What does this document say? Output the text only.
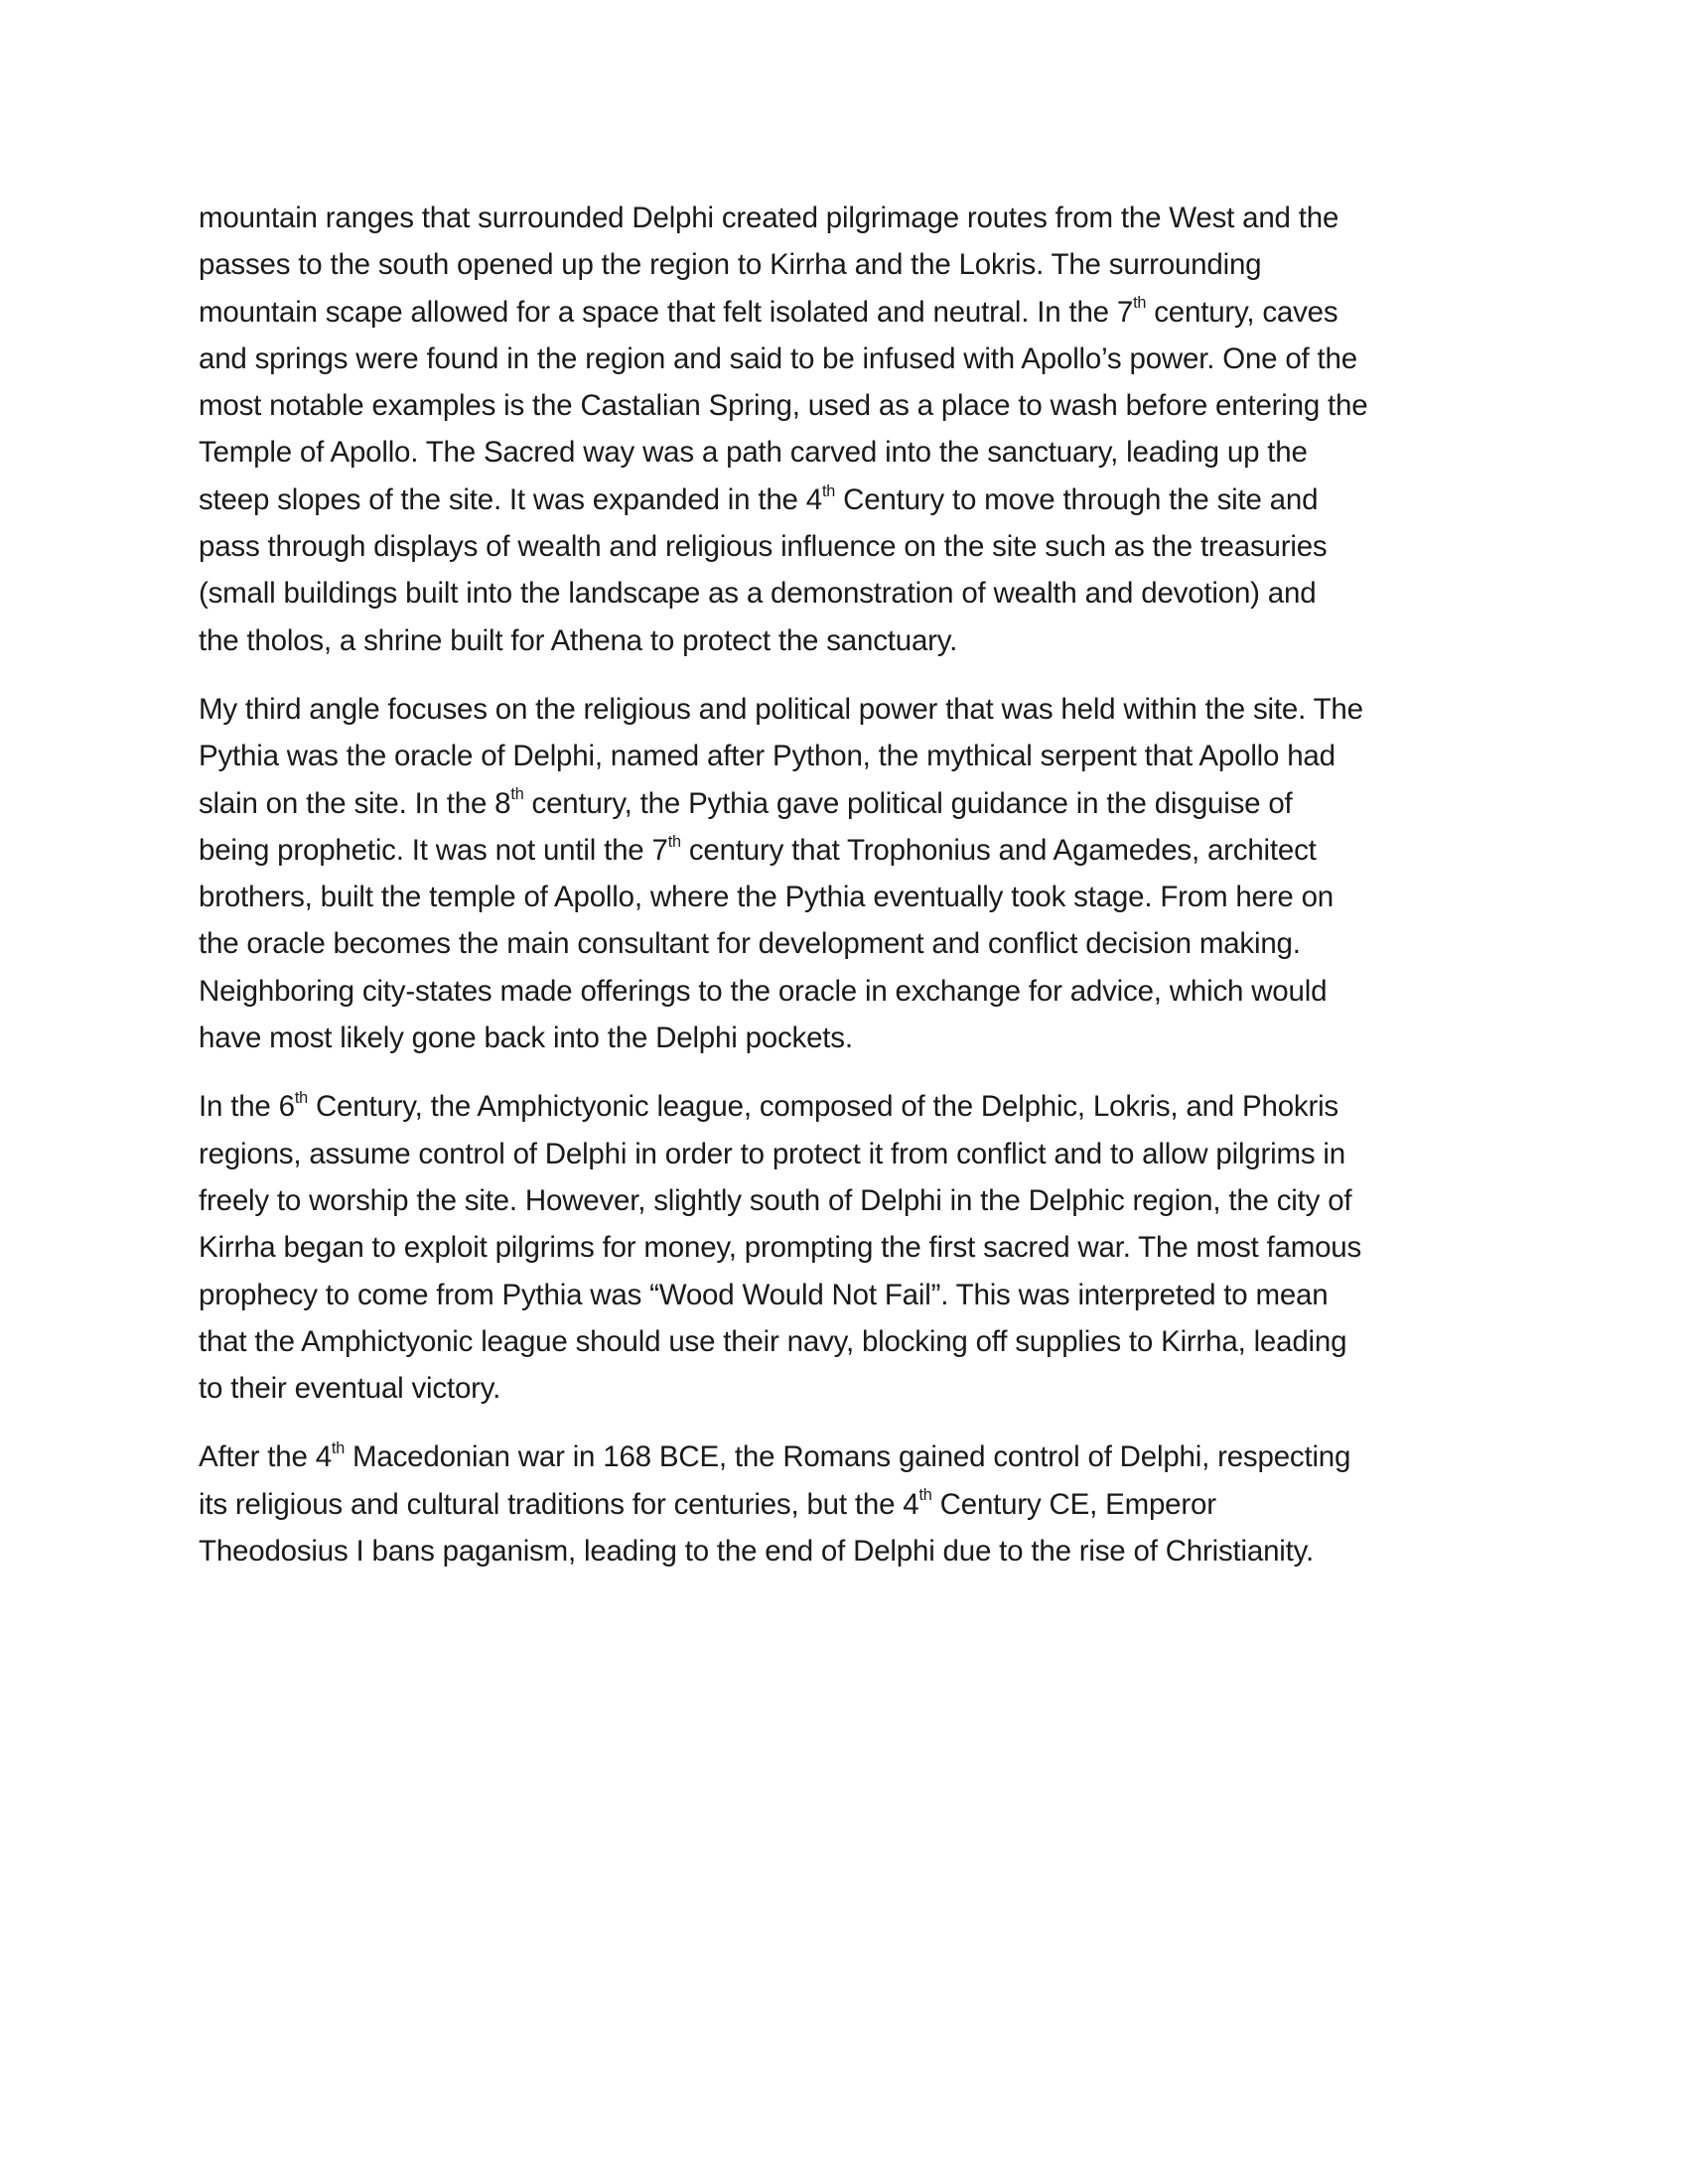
mountain ranges that surrounded Delphi created pilgrimage routes from the West and the
passes to the south opened up the region to Kirrha and the Lokris. The surrounding
mountain scape allowed for a space that felt isolated and neutral. In the 7th century, caves
and springs were found in the region and said to be infused with Apollo’s power. One of the
most notable examples is the Castalian Spring, used as a place to wash before entering the
Temple of Apollo. The Sacred way was a path carved into the sanctuary, leading up the
steep slopes of the site. It was expanded in the 4th Century to move through the site and
pass through displays of wealth and religious influence on the site such as the treasuries
(small buildings built into the landscape as a demonstration of wealth and devotion) and
the tholos, a shrine built for Athena to protect the sanctuary.
My third angle focuses on the religious and political power that was held within the site. The
Pythia was the oracle of Delphi, named after Python, the mythical serpent that Apollo had
slain on the site. In the 8th century, the Pythia gave political guidance in the disguise of
being prophetic. It was not until the 7th century that Trophonius and Agamedes, architect
brothers, built the temple of Apollo, where the Pythia eventually took stage. From here on
the oracle becomes the main consultant for development and conflict decision making.
Neighboring city-states made offerings to the oracle in exchange for advice, which would
have most likely gone back into the Delphi pockets.
In the 6th Century, the Amphictyonic league, composed of the Delphic, Lokris, and Phokris
regions, assume control of Delphi in order to protect it from conflict and to allow pilgrims in
freely to worship the site. However, slightly south of Delphi in the Delphic region, the city of
Kirrha began to exploit pilgrims for money, prompting the first sacred war. The most famous
prophecy to come from Pythia was “Wood Would Not Fail”. This was interpreted to mean
that the Amphictyonic league should use their navy, blocking off supplies to Kirrha, leading
to their eventual victory.
After the 4th Macedonian war in 168 BCE, the Romans gained control of Delphi, respecting
its religious and cultural traditions for centuries, but the 4th Century CE, Emperor
Theodosius I bans paganism, leading to the end of Delphi due to the rise of Christianity.
